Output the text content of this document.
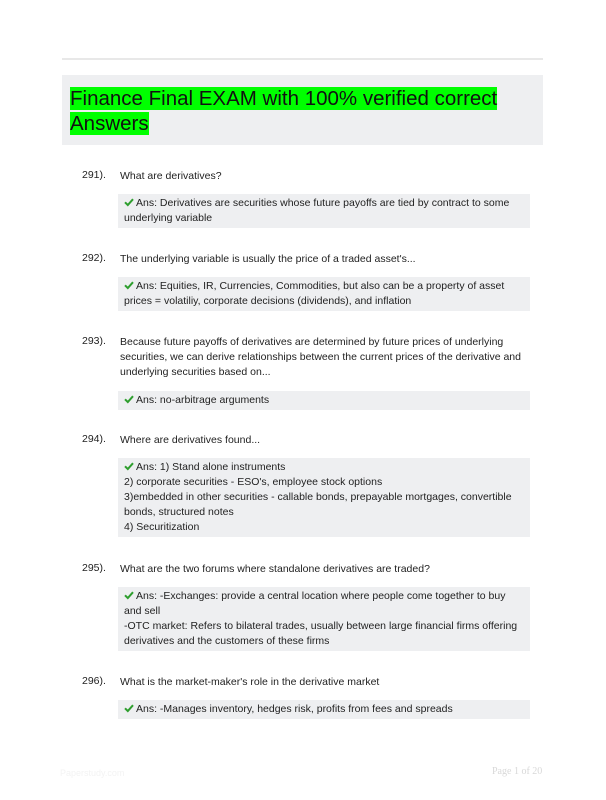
Finance Final EXAM with 100% verified correct Answers
291). What are derivatives?
Ans: Derivatives are securities whose future payoffs are tied by contract to some underlying variable
292). The underlying variable is usually the price of a traded asset's...
Ans: Equities, IR, Currencies, Commodities, but also can be a property of asset prices = volatiliy, corporate decisions (dividends), and inflation
293). Because future payoffs of derivatives are determined by future prices of underlying securities, we can derive relationships between the current prices of the derivative and underlying securities based on...
Ans: no-arbitrage arguments
294). Where are derivatives found...
Ans: 1) Stand alone instruments
2) corporate securities - ESO's, employee stock options
3)embedded in other securities - callable bonds, prepayable mortgages, convertible bonds, structured notes
4) Securitization
295). What are the two forums where standalone derivatives are traded?
Ans: -Exchanges: provide a central location where people come together to buy and sell
-OTC market: Refers to bilateral trades, usually between large financial firms offering derivatives and the customers of these firms
296). What is the market-maker's role in the derivative market
Ans: -Manages inventory, hedges risk, profits from fees and spreads
Paperstudy.com	Page 1 of 20
